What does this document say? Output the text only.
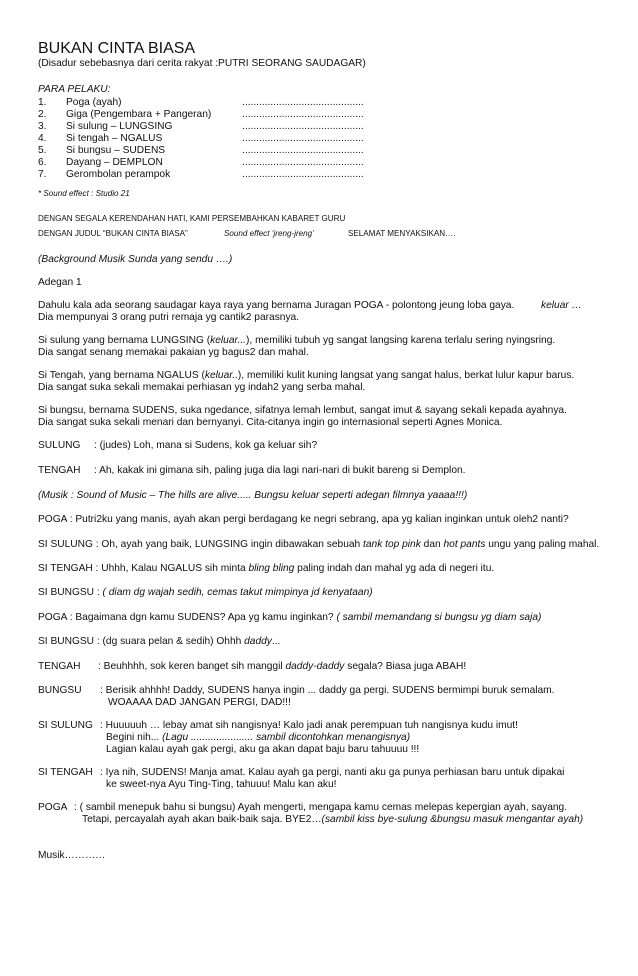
BUKAN CINTA BIASA
(Disadur sebebasnya dari cerita rakyat :PUTRI SEORANG SAUDAGAR)
PARA PELAKU:
1. Poga (ayah)	...........................................
2. Giga (Pengembara + Pangeran)	...........................................
3. Si sulung – LUNGSING	...........................................
4. Si tengah – NGALUS	...........................................
5. Si bungsu – SUDENS	...........................................
6. Dayang – DEMPLON	...........................................
7. Gerombolan perampok	...........................................
* Sound effect : Studio 21
DENGAN SEGALA KERENDAHAN HATI, KAMI PERSEMBAHKAN KABARET GURU
DENGAN JUDUL “BUKAN CINTA BIASA”	Sound effect ‘jreng-jreng’	SELAMAT MENYAKSIKAN….
(Background Musik Sunda yang sendu ….)
Adegan 1
Dahulu kala ada seorang saudagar kaya raya yang bernama Juragan POGA - polontong jeung loba gaya.	keluar …
Dia mempunyai 3 orang putri remaja yg cantik2 parasnya.
Si sulung yang bernama LUNGSING (keluar...), memiliki tubuh yg sangat langsing karena terlalu sering nyingsring.
Dia sangat senang memakai pakaian yg bagus2 dan mahal.
Si Tengah, yang bernama NGALUS (keluar..), memiliki kulit kuning langsat yang sangat halus, berkat lulur kapur barus.
Dia sangat suka sekali memakai perhiasan yg indah2 yang serba mahal.
Si bungsu, bernama SUDENS, suka ngedance, sifatnya lemah lembut, sangat imut & sayang sekali kepada ayahnya.
Dia sangat suka sekali menari dan bernyanyi. Cita-citanya ingin go internasional seperti Agnes Monica.
SULUNG : (judes) Loh, mana si Sudens, kok ga keluar sih?
TENGAH : Ah, kakak ini gimana sih, paling juga dia lagi nari-nari di bukit bareng si Demplon.
(Musik : Sound of Music – The hills are alive..... Bungsu keluar seperti adegan filmnya yaaaa!!!)
POGA : Putri2ku yang manis, ayah akan pergi berdagang ke negri sebrang, apa yg kalian inginkan untuk oleh2 nanti?
SI SULUNG : Oh, ayah yang baik, LUNGSING ingin dibawakan sebuah tank top pink dan hot pants ungu yang paling mahal.
SI TENGAH : Uhhh, Kalau NGALUS sih minta bling bling paling indah dan mahal yg ada di negeri itu.
SI BUNGSU : ( diam dg wajah sedih, cemas takut mimpinya jd kenyataan)
POGA : Bagaimana dgn kamu SUDENS? Apa yg kamu inginkan? ( sambil memandang si bungsu yg diam saja)
SI BUNGSU : (dg suara pelan & sedih) Ohhh daddy...
TENGAH : Beuhhhh, sok keren banget sih manggil daddy-daddy segala? Biasa juga ABAH!
BUNGSU : Berisik ahhhh! Daddy, SUDENS hanya ingin ... daddy ga pergi. SUDENS bermimpi buruk semalam.
WOAAAA DAD JANGAN PERGI, DAD!!!
SI SULUNG : Huuuuuh … lebay amat sih nangisnya! Kalo jadi anak perempuan tuh nangisnya kudu imut!
Begini nih... (Lagu ...................... sambil dicontohkan menangisnya)
Lagian kalau ayah gak pergi, aku ga akan dapat baju baru tahuuuu !!!
SI TENGAH : Iya nih, SUDENS! Manja amat. Kalau ayah ga pergi, nanti aku ga punya perhiasan baru untuk dipakai
ke sweet-nya Ayu Ting-Ting, tahuuu! Malu kan aku!
POGA : ( sambil menepuk bahu si bungsu) Ayah mengerti, mengapa kamu cemas melepas kepergian ayah, sayang.
Tetapi, percayalah ayah akan baik-baik saja. BYE2…(sambil kiss bye-sulung &bungsu masuk mengantar ayah)
Musik…………
